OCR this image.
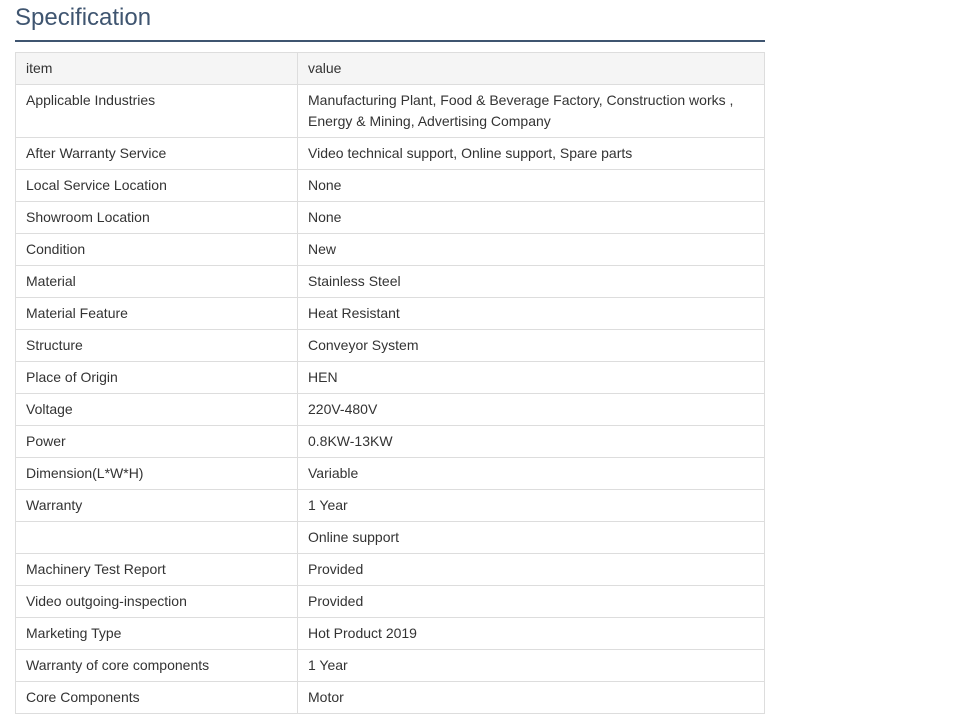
Specification
item	value
Applicable Industries	Manufacturing Plant, Food & Beverage Factory, Construction works , Energy & Mining, Advertising Company
After Warranty Service	Video technical support, Online support, Spare parts
Local Service Location	None
Showroom Location	None
Condition	New
Material	Stainless Steel
Material Feature	Heat Resistant
Structure	Conveyor System
Place of Origin	HEN
Voltage	220V-480V
Power	0.8KW-13KW
Dimension(L*W*H)	Variable
Warranty	1 Year
	Online support
Machinery Test Report	Provided
Video outgoing-inspection	Provided
Marketing Type	Hot Product 2019
Warranty of core components	1 Year
Core Components	Motor
